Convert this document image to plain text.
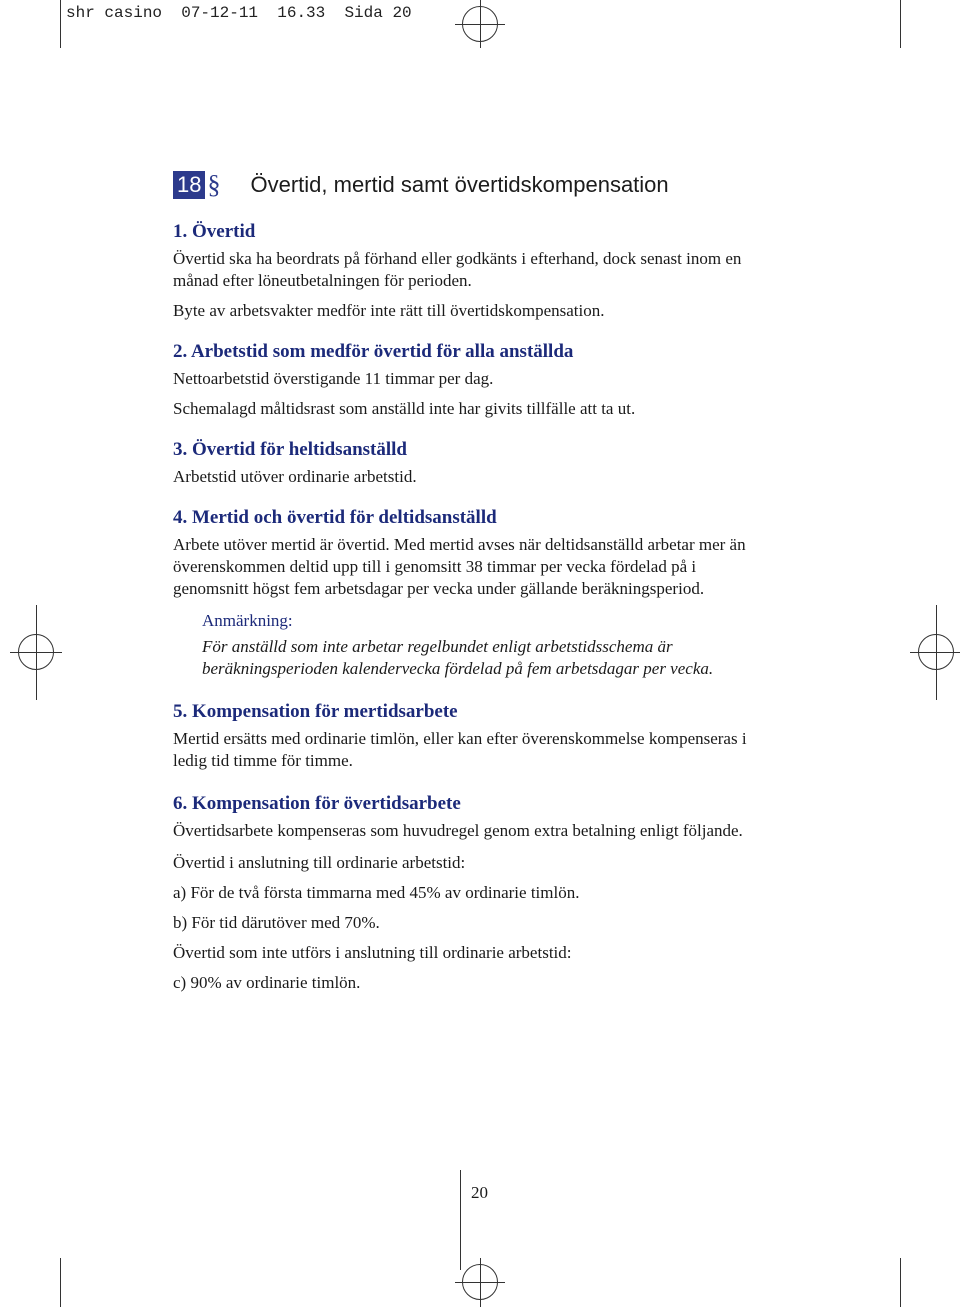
shr casino  07-12-11  16.33  Sida 20
18 § Övertid, mertid samt övertidskompensation
1. Övertid

Övertid ska ha beordrats på förhand eller godkänts i efterhand, dock senast inom en månad efter löneutbetalningen för perioden.

Byte av arbetsvakter medför inte rätt till övertidskompensation.

2. Arbetstid som medför övertid för alla anställda

Nettoarbetstid överstigande 11 timmar per dag.

Schemalagd måltidsrast som anställd inte har givits tillfälle att ta ut.

3. Övertid för heltidsanställd

Arbetstid utöver ordinarie arbetstid.

4. Mertid och övertid för deltidsanställd

Arbete utöver mertid är övertid. Med mertid avses när deltidsanställd arbetar mer än överenskommen deltid upp till i genomsitt 38 timmar per vecka fördelad på i genomsnitt högst fem arbetsdagar per vecka under gällande beräkningsperiod.

Anmärkning:

För anställd som inte arbetar regelbundet enligt arbetstidsschema är beräkningsperioden kalendervecka fördelad på fem arbetsdagar per vecka.

5. Kompensation för mertidsarbete

Mertid ersätts med ordinarie timlön, eller kan efter överenskommelse kompenseras i ledig tid timme för timme.

6. Kompensation för övertidsarbete

Övertidsarbete kompenseras som huvudregel genom extra betalning enligt följande.

Övertid i anslutning till ordinarie arbetstid:

a) För de två första timmarna med 45% av ordinarie timlön.

b) För tid därutöver med 70%.

Övertid som inte utförs i anslutning till ordinarie arbetstid:

c) 90% av ordinarie timlön.

20
